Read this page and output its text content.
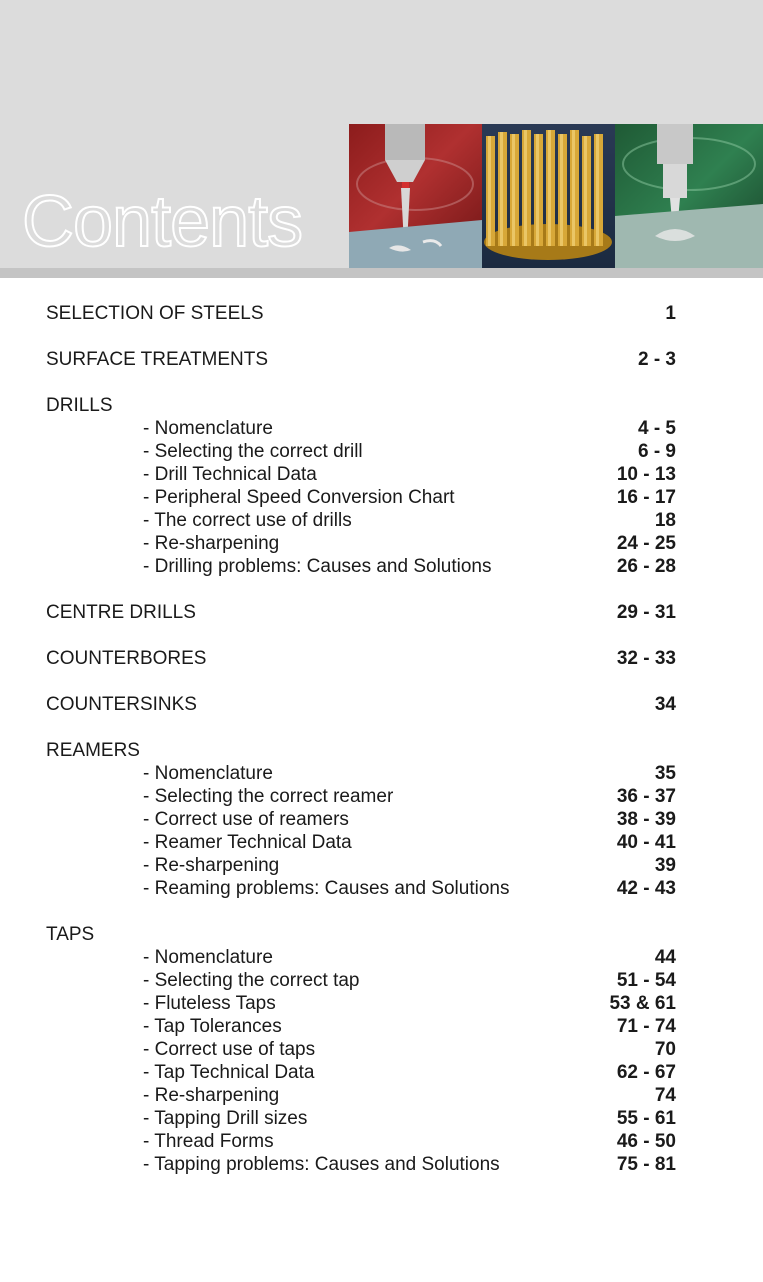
Contents
SELECTION OF STEELS	1
SURFACE TREATMENTS	2 - 3
DRILLS
- Nomenclature	4 - 5
- Selecting the correct drill	6 - 9
- Drill Technical Data	10 - 13
- Peripheral Speed Conversion Chart	16 - 17
- The correct use of drills	18
- Re-sharpening	24 - 25
- Drilling problems: Causes and Solutions	26 - 28
CENTRE DRILLS	29 - 31
COUNTERBORES	32 - 33
COUNTERSINKS	34
REAMERS
- Nomenclature	35
- Selecting the correct reamer	36 - 37
- Correct use of reamers	38 - 39
- Reamer Technical Data	40 - 41
- Re-sharpening	39
- Reaming problems: Causes and Solutions	42 - 43
TAPS
- Nomenclature	44
- Selecting the correct tap	51 - 54
- Fluteless Taps	53 & 61
- Tap Tolerances	71 - 74
- Correct use of taps	70
- Tap Technical Data	62 - 67
- Re-sharpening	74
- Tapping Drill sizes	55 - 61
- Thread Forms	46 - 50
- Tapping problems: Causes and Solutions	75 - 81
